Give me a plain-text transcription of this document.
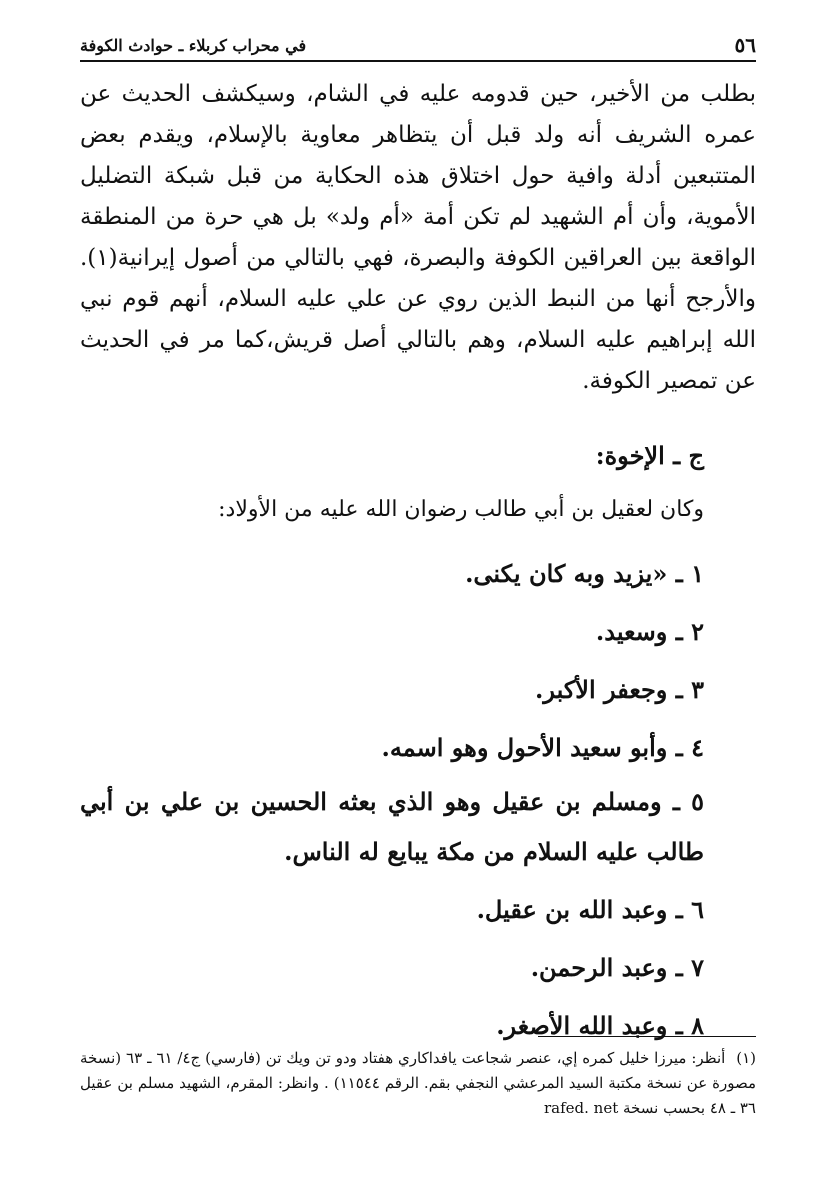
٥٦
في محراب كربلاء ـ حوادث الكوفة

بطلب من الأخير، حين قدومه عليه في الشام، وسيكشف الحديث عن عمره الشريف أنه ولد قبل أن يتظاهر معاوية بالإسلام، ويقدم بعض المتتبعين أدلة وافية حول اختلاق هذه الحكاية من قبل شبكة التضليل الأموية، وأن أم الشهيد لم تكن أمة «أم ولد» بل هي حرة من المنطقة الواقعة بين العراقين الكوفة والبصرة، فهي بالتالي من أصول إيرانية(١). والأرجح أنها من النبط الذين روي عن علي عليه السلام، أنهم قوم نبي الله إبراهيم عليه السلام، وهم بالتالي أصل قريش،كما مر في الحديث عن تمصير الكوفة.

ج ـ الإخوة:
وكان لعقيل بن أبي طالب رضوان الله عليه من الأولاد:
١ ـ «يزيد وبه كان يكنى.
٢ ـ وسعيد.
٣ ـ وجعفر الأكبر.
٤ ـ وأبو سعيد الأحول وهو اسمه.
٥ ـ ومسلم بن عقيل وهو الذي بعثه الحسين بن علي بن أبي طالب عليه السلام من مكة يبايع له الناس.
٦ ـ وعبد الله بن عقيل.
٧ ـ وعبد الرحمن.
٨ ـ وعبد الله الأصغر.
(١) أنظر: ميرزا خليل كمره إي، عنصر شجاعت يافداكاري هفتاد ودو تن ويك تن (فارسي) ج٤/ ٦١ ـ ٦٣ (نسخة مصورة عن نسخة مكتبة السيد المرعشي النجفي بقم. الرقم ١١٥٤٤) . وانظر: المقرم، الشهيد مسلم بن عقيل ٣٦ ـ ٤٨ بحسب نسخة rafed. net
